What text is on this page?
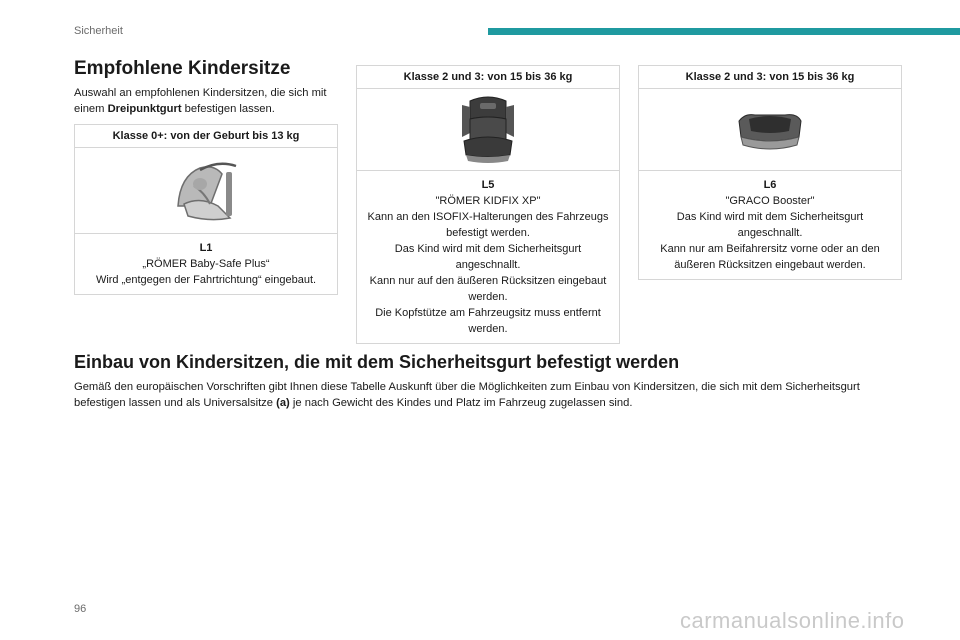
Sicherheit
Empfohlene Kindersitze

Auswahl an empfohlenen Kindersitzen, die sich mit einem Dreipunktgurt befestigen lassen.

Klasse 0+: von der Geburt bis 13 kg
L1
„RÖMER Baby-Safe Plus“
Wird „entgegen der Fahrtrichtung“ eingebaut.
Klasse 2 und 3: von 15 bis 36 kg
L5
"RÖMER KIDFIX XP"
Kann an den ISOFIX-Halterungen des Fahrzeugs befestigt werden.
Das Kind wird mit dem Sicherheitsgurt angeschnallt.
Kann nur auf den äußeren Rücksitzen eingebaut werden.
Die Kopfstütze am Fahrzeugsitz muss entfernt werden.
Klasse 2 und 3: von 15 bis 36 kg
L6
"GRACO Booster"
Das Kind wird mit dem Sicherheitsgurt angeschnallt.
Kann nur am Beifahrersitz vorne oder an den äußeren Rücksitzen eingebaut werden.
Einbau von Kindersitzen, die mit dem Sicherheitsgurt befestigt werden

Gemäß den europäischen Vorschriften gibt Ihnen diese Tabelle Auskunft über die Möglichkeiten zum Einbau von Kindersitzen, die sich mit dem Sicherheitsgurt befestigen lassen und als Universalsitze (a) je nach Gewicht des Kindes und Platz im Fahrzeug zugelassen sind.

96	carmanualsonline.info
